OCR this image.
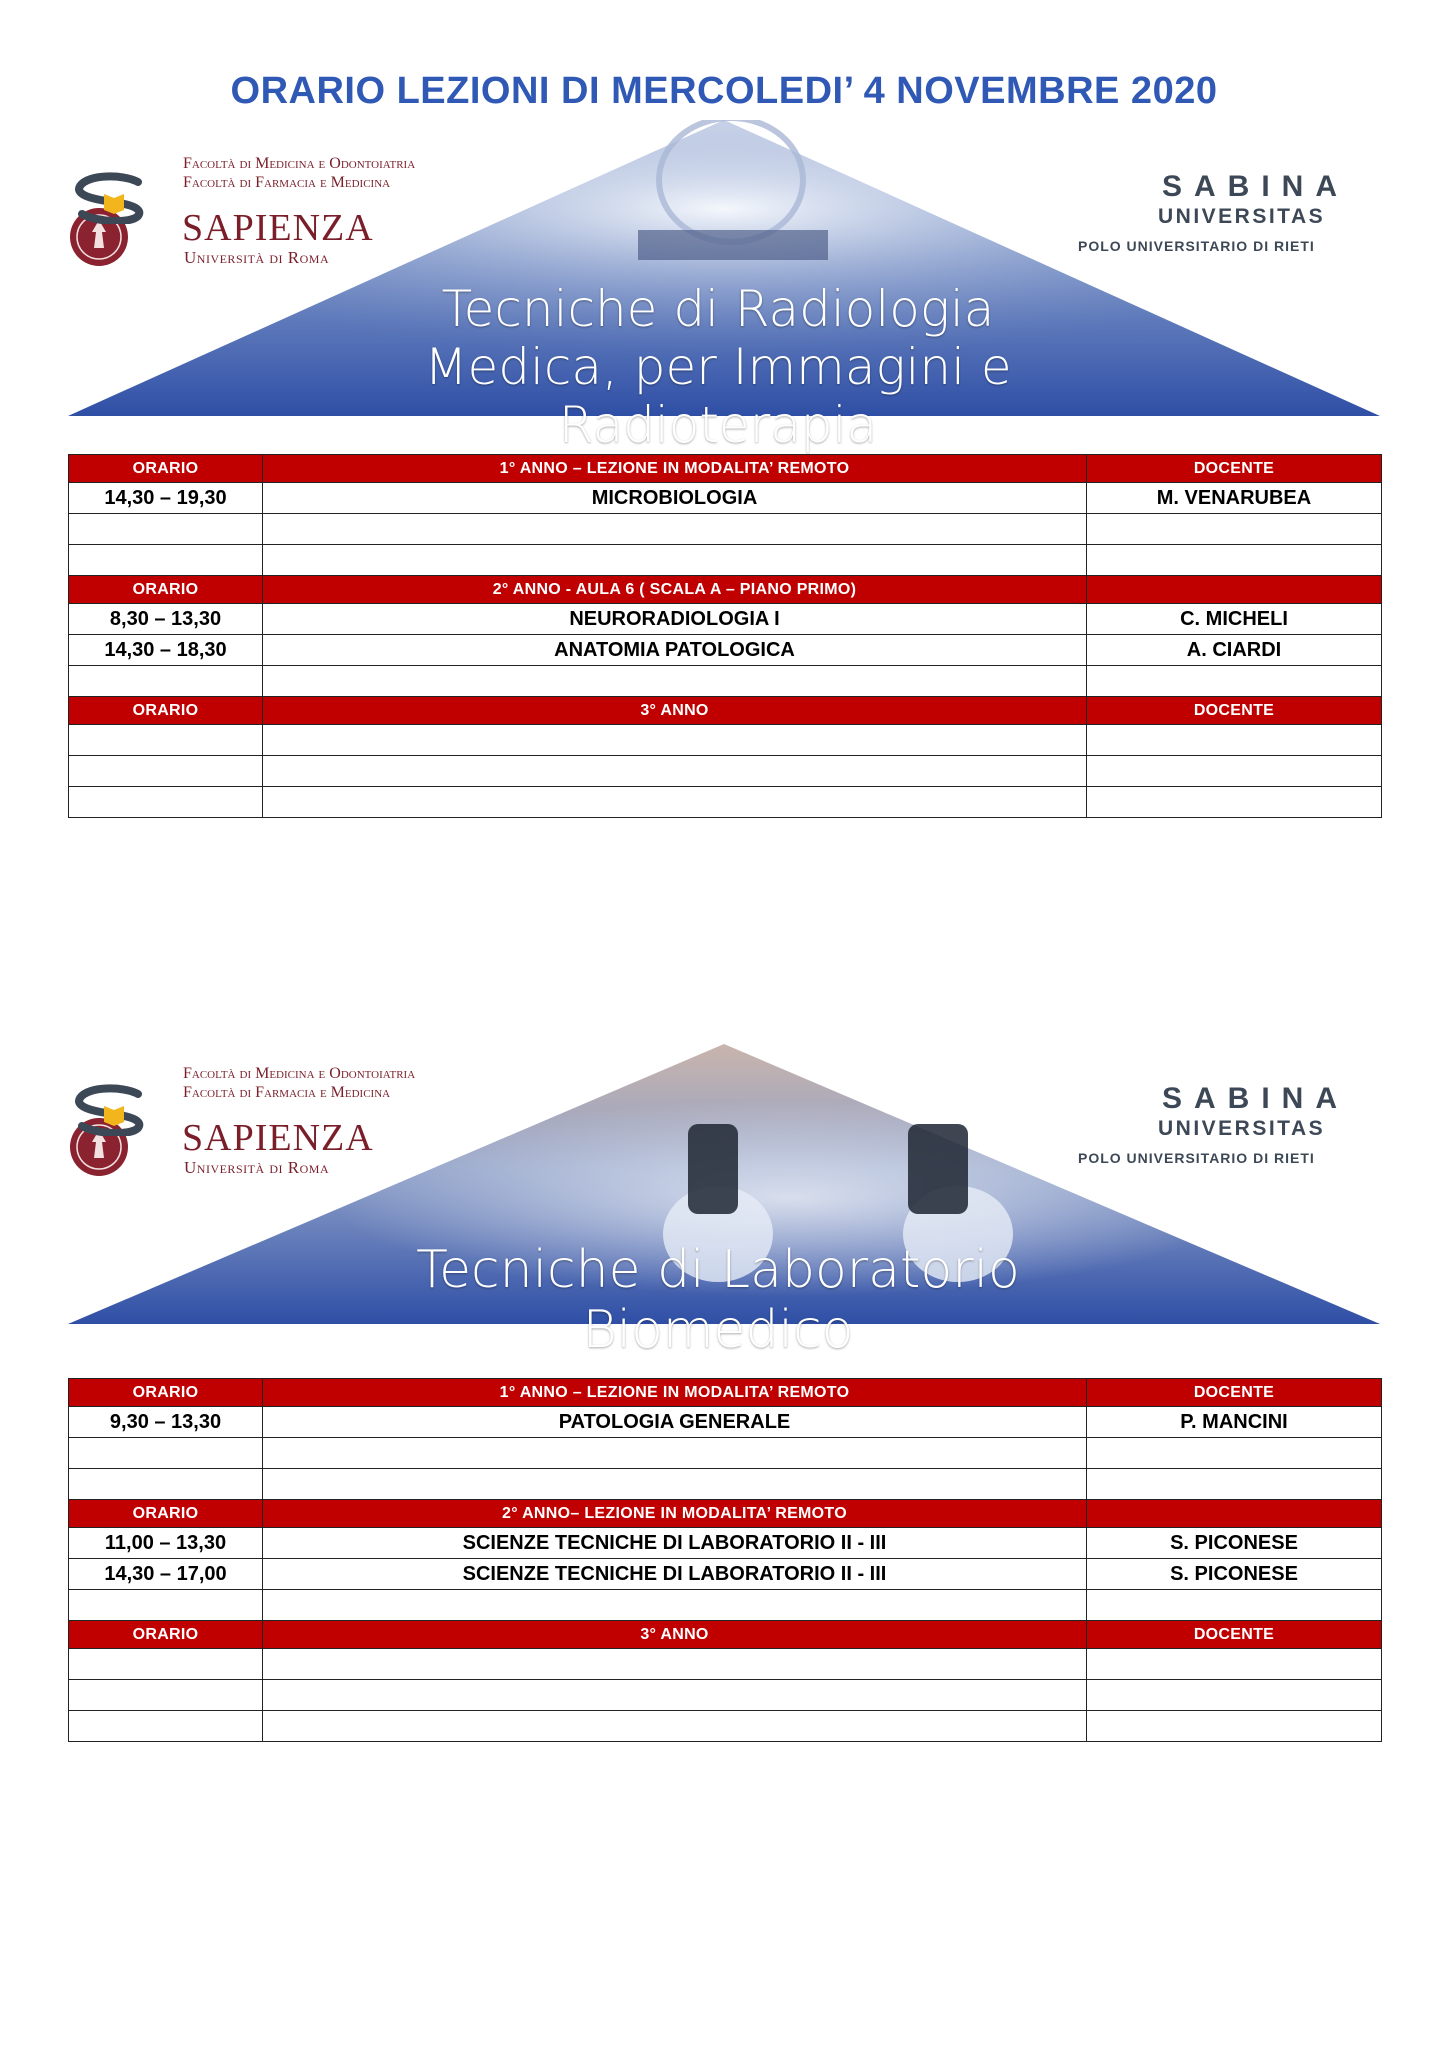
ORARIO LEZIONI DI MERCOLEDI’ 4 NOVEMBRE 2020
Facoltà di Medicina e Odontoiatria
Facoltà di Farmacia e Medicina
SAPIENZA
Università di Roma
SABINA
UNIVERSITAS
POLO UNIVERSITARIO DI RIETI
Tecniche di Radiologia
Medica, per Immagini e Radioterapia
ORARIO	1° ANNO – LEZIONE IN MODALITA’ REMOTO	DOCENTE
14,30 – 19,30	MICROBIOLOGIA	M. VENARUBEA

ORARIO	2° ANNO - AULA 6 ( SCALA A – PIANO PRIMO)	
8,30 – 13,30	NEURORADIOLOGIA I	C. MICHELI
14,30 – 18,30	ANATOMIA PATOLOGICA	A. CIARDI

ORARIO	3° ANNO	DOCENTE

Facoltà di Medicina e Odontoiatria
Facoltà di Farmacia e Medicina
SAPIENZA
Università di Roma
SABINA
UNIVERSITAS
POLO UNIVERSITARIO DI RIETI
Tecniche di Laboratorio Biomedico
ORARIO	1° ANNO – LEZIONE IN MODALITA’ REMOTO	DOCENTE
9,30 – 13,30	PATOLOGIA GENERALE	P. MANCINI

ORARIO	2° ANNO– LEZIONE IN MODALITA’ REMOTO	
11,00 – 13,30	SCIENZE TECNICHE DI LABORATORIO II - III	S. PICONESE
14,30 – 17,00	SCIENZE TECNICHE DI LABORATORIO II - III	S. PICONESE

ORARIO	3° ANNO	DOCENTE
